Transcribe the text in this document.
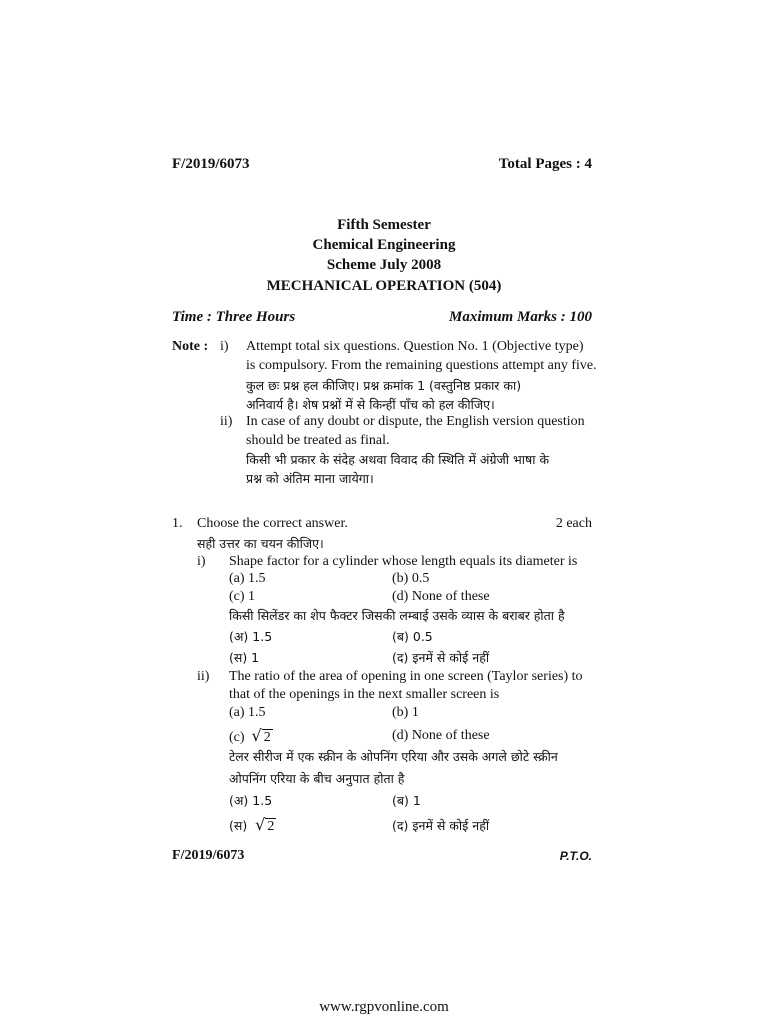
F/2019/6073	Total Pages : 4
Fifth Semester
Chemical Engineering
Scheme July 2008
MECHANICAL OPERATION (504)
Time : Three Hours	Maximum Marks : 100
Note : i) Attempt total six questions. Question No. 1 (Objective type)
is compulsory. From the remaining questions attempt any five.
कुल छः प्रश्न हल कीजिए। प्रश्न क्रमांक 1 (वस्तुनिष्ठ प्रकार का)
अनिवार्य है। शेष प्रश्नों में से किन्हीं पाँच को हल कीजिए।
ii) In case of any doubt or dispute, the English version question
should be treated as final.
किसी भी प्रकार के संदेह अथवा विवाद की स्थिति में अंग्रेजी भाषा के
प्रश्न को अंतिम माना जायेगा।
1. Choose the correct answer.	2 each
सही उत्तर का चयन कीजिए।
i) Shape factor for a cylinder whose length equals its diameter is
(a) 1.5	(b) 0.5
(c) 1	(d) None of these
किसी सिलेंडर का शेप फैक्टर जिसकी लम्बाई उसके व्यास के बराबर होता है
(अ) 1.5	(ब) 0.5
(स) 1	(द) इनमें से कोई नहीं
ii) The ratio of the area of opening in one screen (Taylor series) to
that of the openings in the next smaller screen is
(a) 1.5	(b) 1
(c) √ 2	(d) None of these
टेलर सीरीज में एक स्क्रीन के ओपनिंग एरिया और उसके अगले छोटे स्क्रीन
ओपनिंग एरिया के बीच अनुपात होता है
(अ) 1.5	(ब) 1
(स) √ 2	(द) इनमें से कोई नहीं
F/2019/6073	P.T.O.
www.rgpvonline.com
